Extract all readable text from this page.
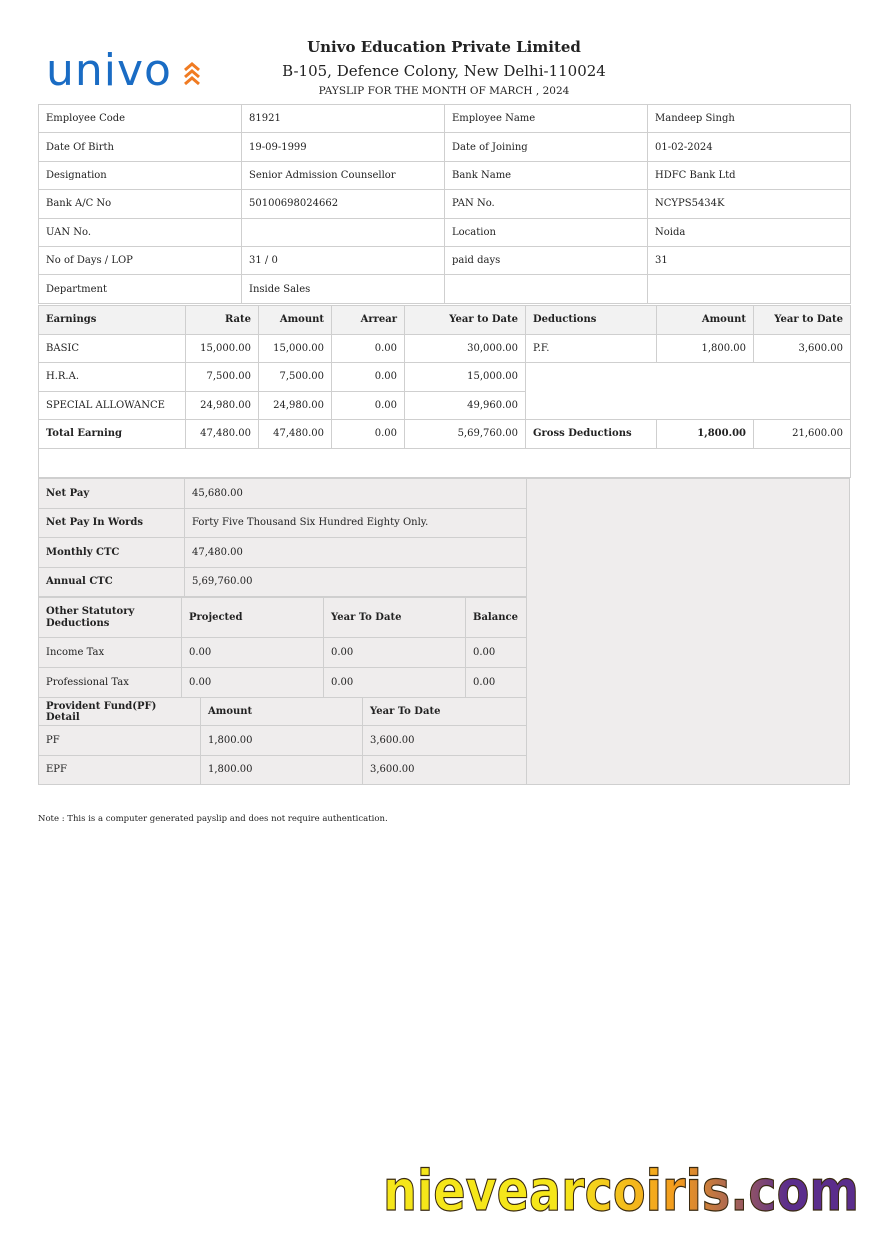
univo	Univo Education Private Limited
B-105, Defence Colony, New Delhi-110024
PAYSLIP FOR THE MONTH OF MARCH , 2024
Employee Code	81921	Employee Name	Mandeep Singh
Date Of Birth	19-09-1999	Date of Joining	01-02-2024
Designation	Senior Admission Counsellor	Bank Name	HDFC Bank Ltd
Bank A/C No	50100698024662	PAN No.	NCYPS5434K
UAN No.		Location	Noida
No of Days / LOP	31 / 0	paid days	31
Department	Inside Sales		
Earnings	Rate	Amount	Arrear	Year to Date	Deductions	Amount	Year to Date
BASIC	15,000.00	15,000.00	0.00	30,000.00	P.F.	1,800.00	3,600.00
H.R.A.	7,500.00	7,500.00	0.00	15,000.00			
SPECIAL ALLOWANCE	24,980.00	24,980.00	0.00	49,960.00			
Total Earning	47,480.00	47,480.00	0.00	5,69,760.00	Gross Deductions	1,800.00	21,600.00

Net Pay	45,680.00
Net Pay In Words	Forty Five Thousand Six Hundred Eighty Only.
Monthly CTC	47,480.00
Annual CTC	5,69,760.00
Other Statutory Deductions	Projected	Year To Date	Balance
Income Tax	0.00	0.00	0.00
Professional Tax	0.00	0.00	0.00
Provident Fund(PF) Detail	Amount	Year To Date
PF	1,800.00	3,600.00
EPF	1,800.00	3,600.00
Note : This is a computer generated payslip and does not require authentication.
nievearcoiris.com
